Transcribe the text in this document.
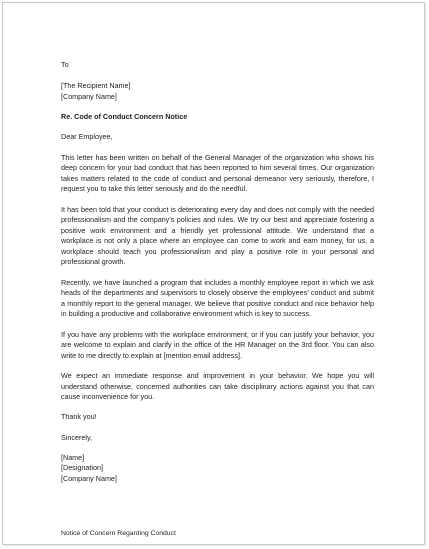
To
[The Recipient Name]
[Company Name]
Re. Code of Conduct Concern Notice
Dear Employee,

This letter has been written on behalf of the General Manager of the organization who shows his deep concern for your bad conduct that has been reported to him several times. Our organization takes matters related to the code of conduct and personal demeanor very seriously, therefore, I request you to take this letter seriously and do the needful.

It has been told that your conduct is deteriorating every day and does not comply with the needed professionalism and the company’s policies and rules. We try our best and appreciate fostering a positive work environment and a friendly yet professional attitude. We understand that a workplace is not only a place where an employee can come to work and earn money, for us, a workplace should teach you professionalism and play a positive role in your personal and professional growth.

Recently, we have launched a program that includes a monthly employee report in which we ask heads of the departments and supervisors to closely observe the employees’ conduct and submit a monthly report to the general manager. We believe that positive conduct and nice behavior help in building a productive and collaborative environment which is key to success.

If you have any problems with the workplace environment, or if you can justify your behavior, you are welcome to explain and clarify in the office of the HR Manager on the 3rd floor. You can also write to me directly to explain at [mention email address].

We expect an immediate response and improvement in your behavior. We hope you will understand otherwise, concerned authorities can take disciplinary actions against you that can cause inconvenience for you.

Thank you!
Sincerely,
[Name]
[Designation]
[Company Name]
Notice of Concern Regarding Conduct
